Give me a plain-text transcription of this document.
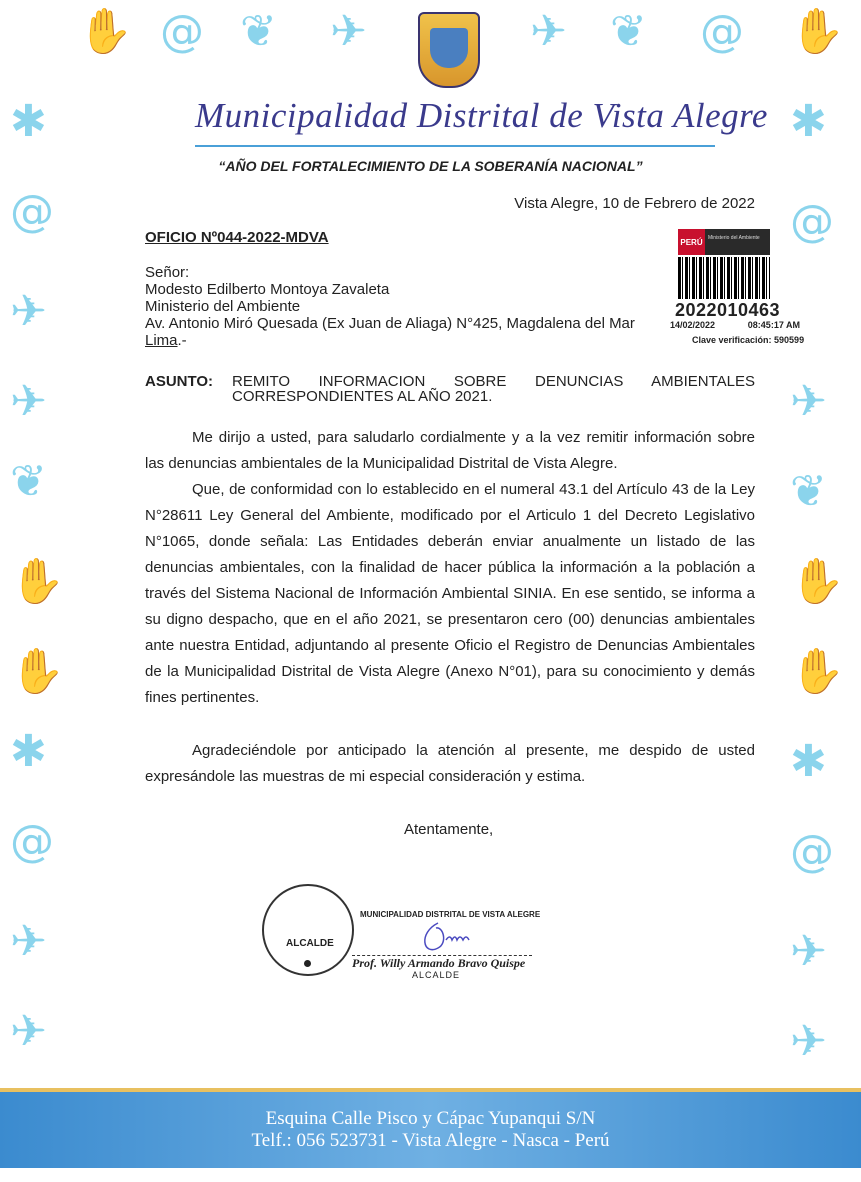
✋ @ ❦ ✈	✈ ❦ @ ✋
✱
@
✈
✈
❦
✋
✋
✱
@
✈
✈
✱
@
✈
❦
✋
✋
✱
@
✈
✈
Municipalidad Distrital de Vista Alegre
“AÑO DEL FORTALECIMIENTO DE LA SOBERANÍA NACIONAL”
Vista Alegre, 10 de Febrero de 2022
OFICIO Nº044-2022-MDVA
Señor:
Modesto Edilberto Montoya Zavaleta
Ministerio del Ambiente
Av. Antonio Miró Quesada (Ex Juan de Aliaga) N°425, Magdalena del Mar
Lima.-
PERÚ	Ministerio del Ambiente
2022010463
14/02/2022	08:45:17 AM
Clave verificación: 590599
ASUNTO: REMITO INFORMACION SOBRE DENUNCIAS AMBIENTALES
CORRESPONDIENTES AL AÑO 2021.

Me dirijo a usted, para saludarlo cordialmente y a la vez remitir información sobre las denuncias ambientales de la Municipalidad Distrital de Vista Alegre.

Que, de conformidad con lo establecido en el numeral 43.1 del Artículo 43 de la Ley N°28611 Ley General del Ambiente, modificado por el Articulo 1 del Decreto Legislativo N°1065, donde señala: Las Entidades deberán enviar anualmente un listado de las denuncias ambientales, con la finalidad de hacer pública la información a la población a través del Sistema Nacional de Información Ambiental SINIA. En ese sentido, se informa a su digno despacho, que en el año 2021, se presentaron cero (00) denuncias ambientales ante nuestra Entidad, adjuntando al presente Oficio el Registro de Denuncias Ambientales de la Municipalidad Distrital de Vista Alegre (Anexo N°01), para su conocimiento y demás fines pertinentes.

Agradeciéndole por anticipado la atención al presente, me despido de usted expresándole las muestras de mi especial consideración y estima.
Atentamente,
ALCALDE
MUNICIPALIDAD DISTRITAL DE VISTA ALEGRE
Prof. Willy Armando Bravo Quispe
ALCALDE
Esquina Calle Pisco y Cápac Yupanqui S/N
Telf.: 056 523731 - Vista Alegre - Nasca - Perú
